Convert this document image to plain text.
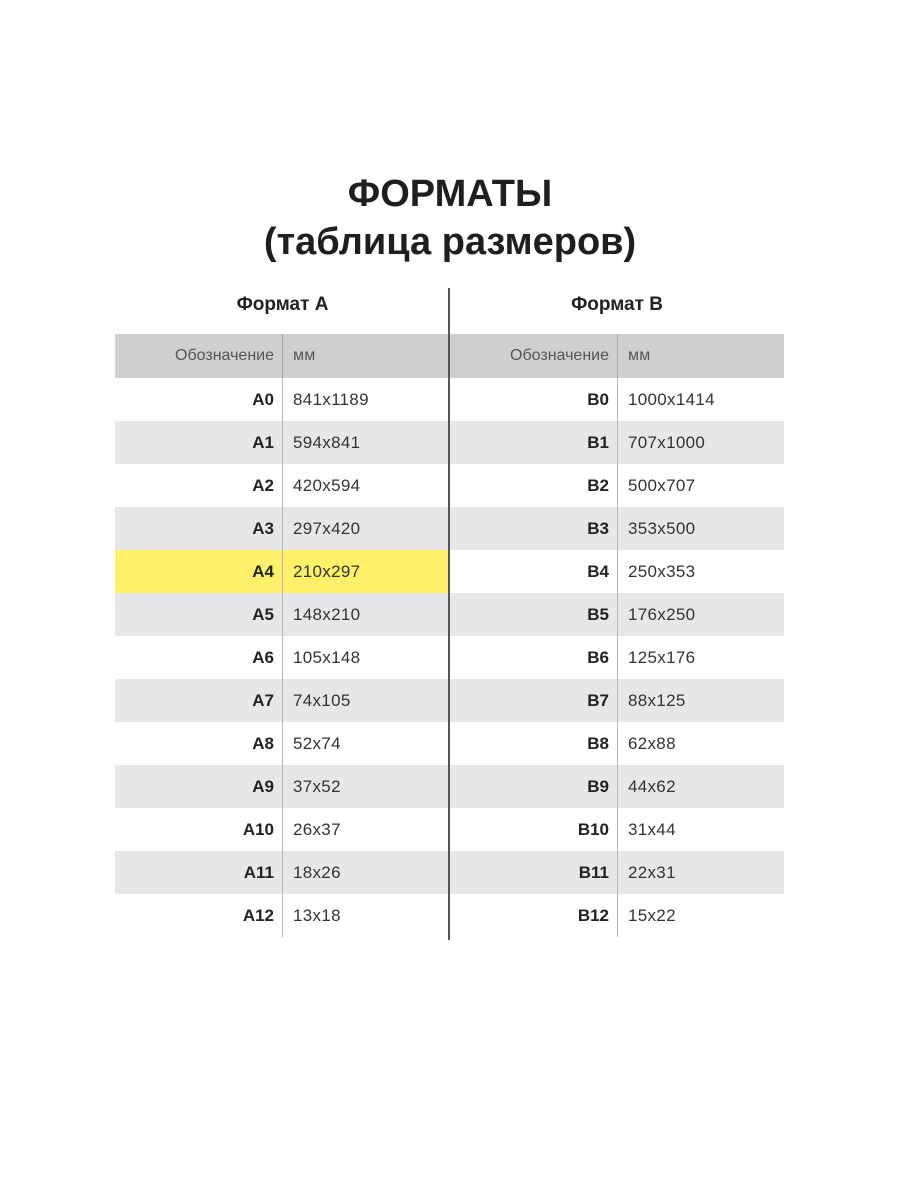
ФОРМАТЫ
(таблица размеров)
Формат A	Формат B
Обозначение	мм
A0	841x1189
A1	594x841
A2	420x594
A3	297x420
A4	210x297
A5	148x210
A6	105x148
A7	74x105
A8	52x74
A9	37x52
A10	26x37
A11	18x26
A12	13x18
Обозначение	мм
B0	1000x1414
B1	707x1000
B2	500x707
B3	353x500
B4	250x353
B5	176x250
B6	125x176
B7	88x125
B8	62x88
B9	44x62
B10	31x44
B11	22x31
B12	15x22
